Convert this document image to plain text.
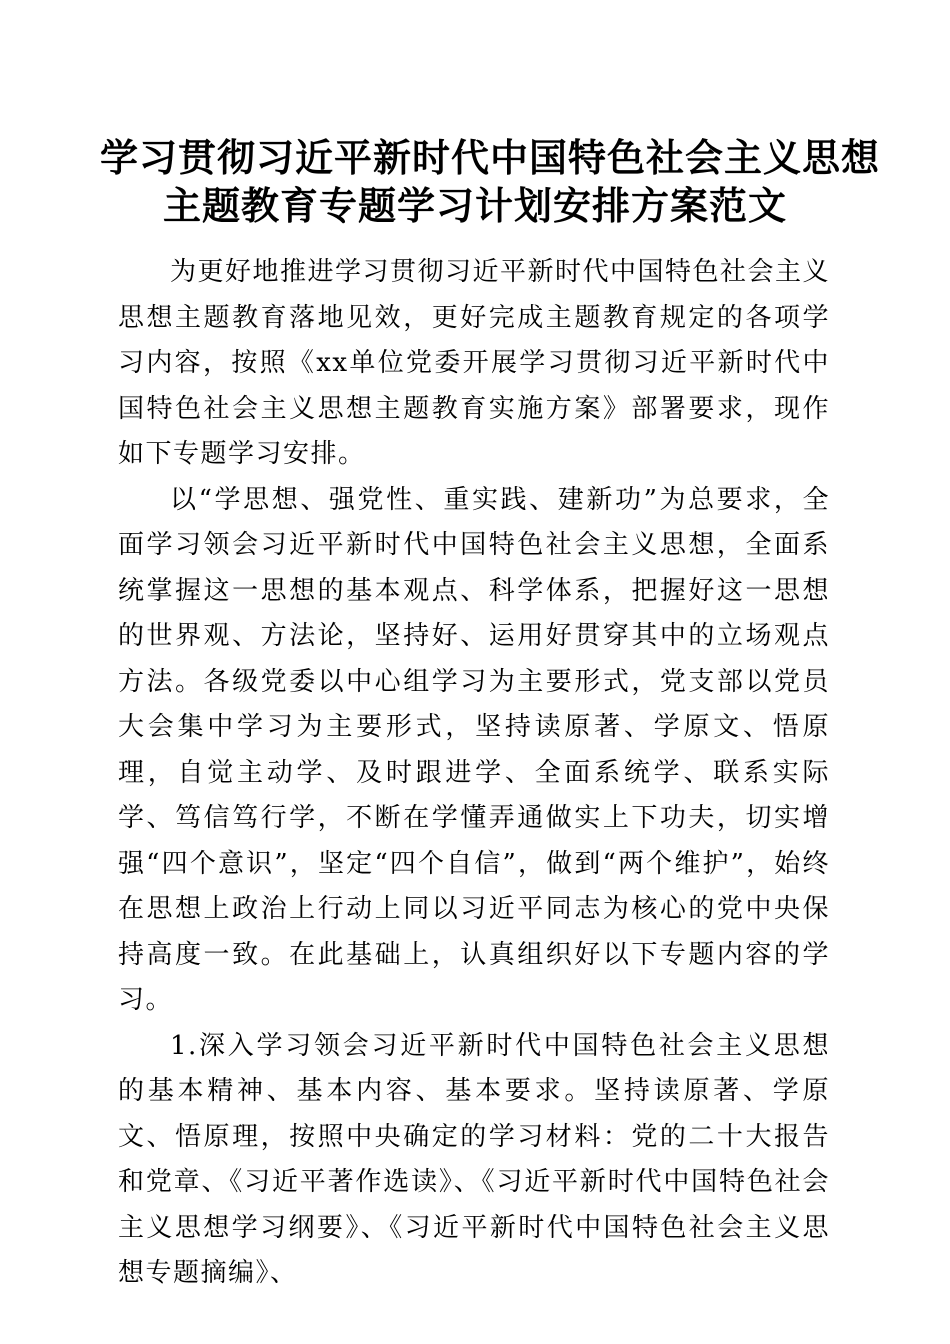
学习贯彻习近平新时代中国特色社会主义思想
主题教育专题学习计划安排方案范文

为更好地推进学习贯彻习近平新时代中国特色社会主义思想主题教育落地见效，更好完成主题教育规定的各项学习内容，按照《xx单位党委开展学习贯彻习近平新时代中国特色社会主义思想主题教育实施方案》部署要求，现作如下专题学习安排。

以“学思想、强党性、重实践、建新功”为总要求，全面学习领会习近平新时代中国特色社会主义思想，全面系统掌握这一思想的基本观点、科学体系，把握好这一思想的世界观、方法论，坚持好、运用好贯穿其中的立场观点方法。各级党委以中心组学习为主要形式，党支部以党员大会集中学习为主要形式，坚持读原著、学原文、悟原理，自觉主动学、及时跟进学、全面系统学、联系实际学、笃信笃行学，不断在学懂弄通做实上下功夫，切实增强“四个意识”，坚定“四个自信”，做到“两个维护”，始终在思想上政治上行动上同以习近平同志为核心的党中央保持高度一致。在此基础上，认真组织好以下专题内容的学习。

1.深入学习领会习近平新时代中国特色社会主义思想的基本精神、基本内容、基本要求。坚持读原著、学原文、悟原理，按照中央确定的学习材料：党的二十大报告和党章、《习近平著作选读》、《习近平新时代中国特色社会主义思想学习纲要》、《习近平新时代中国特色社会主义思想专题摘编》、
